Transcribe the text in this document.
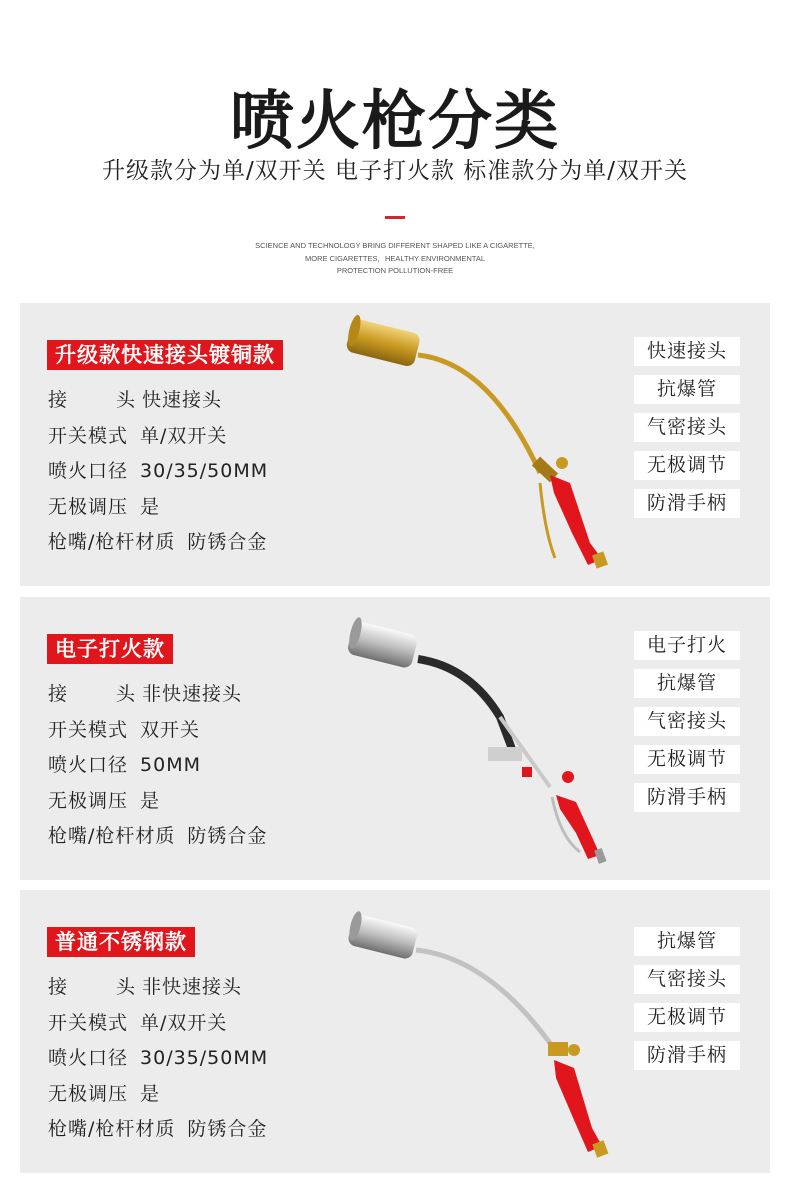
喷火枪分类
升级款分为单/双开关 电子打火款 标准款分为单/双开关
SCIENCE AND TECHNOLOGY BRING DIFFERENT SHAPED LIKE A CIGARETTE,
MORE CIGARETTES，HEALTHY ENVIRONMENTAL
PROTECTION POLLUTION-FREE
升级款快速接头镀铜款
接	头 快速接头
开关模式 单/双开关
喷火口径 30/35/50MM
无极调压 是
枪嘴/枪杆材质 防锈合金
快速接头
抗爆管
气密接头
无极调节
防滑手柄
电子打火款
接	头 非快速接头
开关模式 双开关
喷火口径 50MM
无极调压 是
枪嘴/枪杆材质 防锈合金
电子打火
抗爆管
气密接头
无极调节
防滑手柄
普通不锈钢款
接	头 非快速接头
开关模式 单/双开关
喷火口径 30/35/50MM
无极调压 是
枪嘴/枪杆材质 防锈合金
抗爆管
气密接头
无极调节
防滑手柄
